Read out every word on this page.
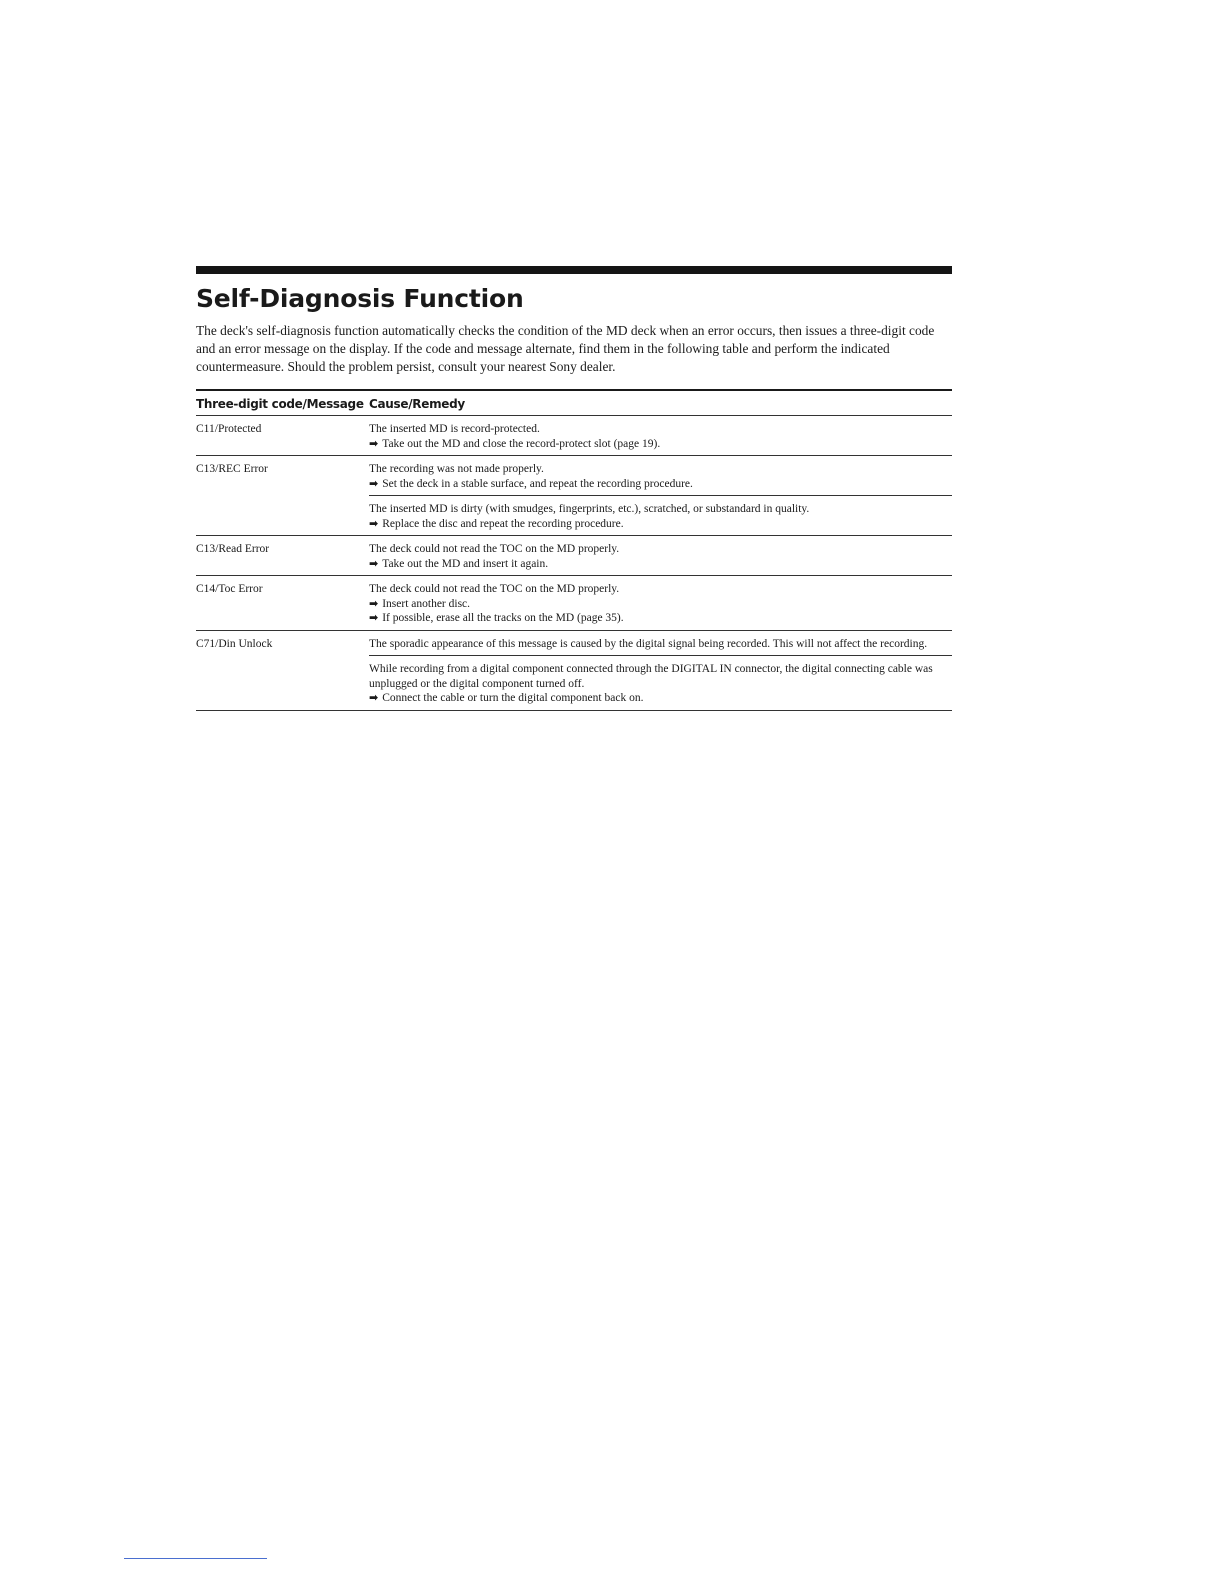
Self-Diagnosis Function

The deck's self-diagnosis function automatically checks the condition of the MD deck when an error occurs, then issues a three-digit code and an error message on the display. If the code and message alternate, find them in the following table and perform the indicated countermeasure. Should the problem persist, consult your nearest Sony dealer.

Three-digit code/Message	Cause/Remedy
C11/Protected	The inserted MD is record-protected.
➡ Take out the MD and close the record-protect slot (page 19).

C13/REC Error	The recording was not made properly.
➡ Set the deck in a stable surface, and repeat the recording procedure.

	The inserted MD is dirty (with smudges, fingerprints, etc.), scratched, or substandard in quality.
➡ Replace the disc and repeat the recording procedure.

C13/Read Error	The deck could not read the TOC on the MD properly.
➡ Take out the MD and insert it again.

C14/Toc Error	The deck could not read the TOC on the MD properly.
➡ Insert another disc.
➡ If possible, erase all the tracks on the MD (page 35).

C71/Din Unlock	The sporadic appearance of this message is caused by the digital signal being recorded. This will not affect the recording.

	While recording from a digital component connected through the DIGITAL IN connector, the digital connecting cable was unplugged or the digital component turned off.
➡ Connect the cable or turn the digital component back on.
